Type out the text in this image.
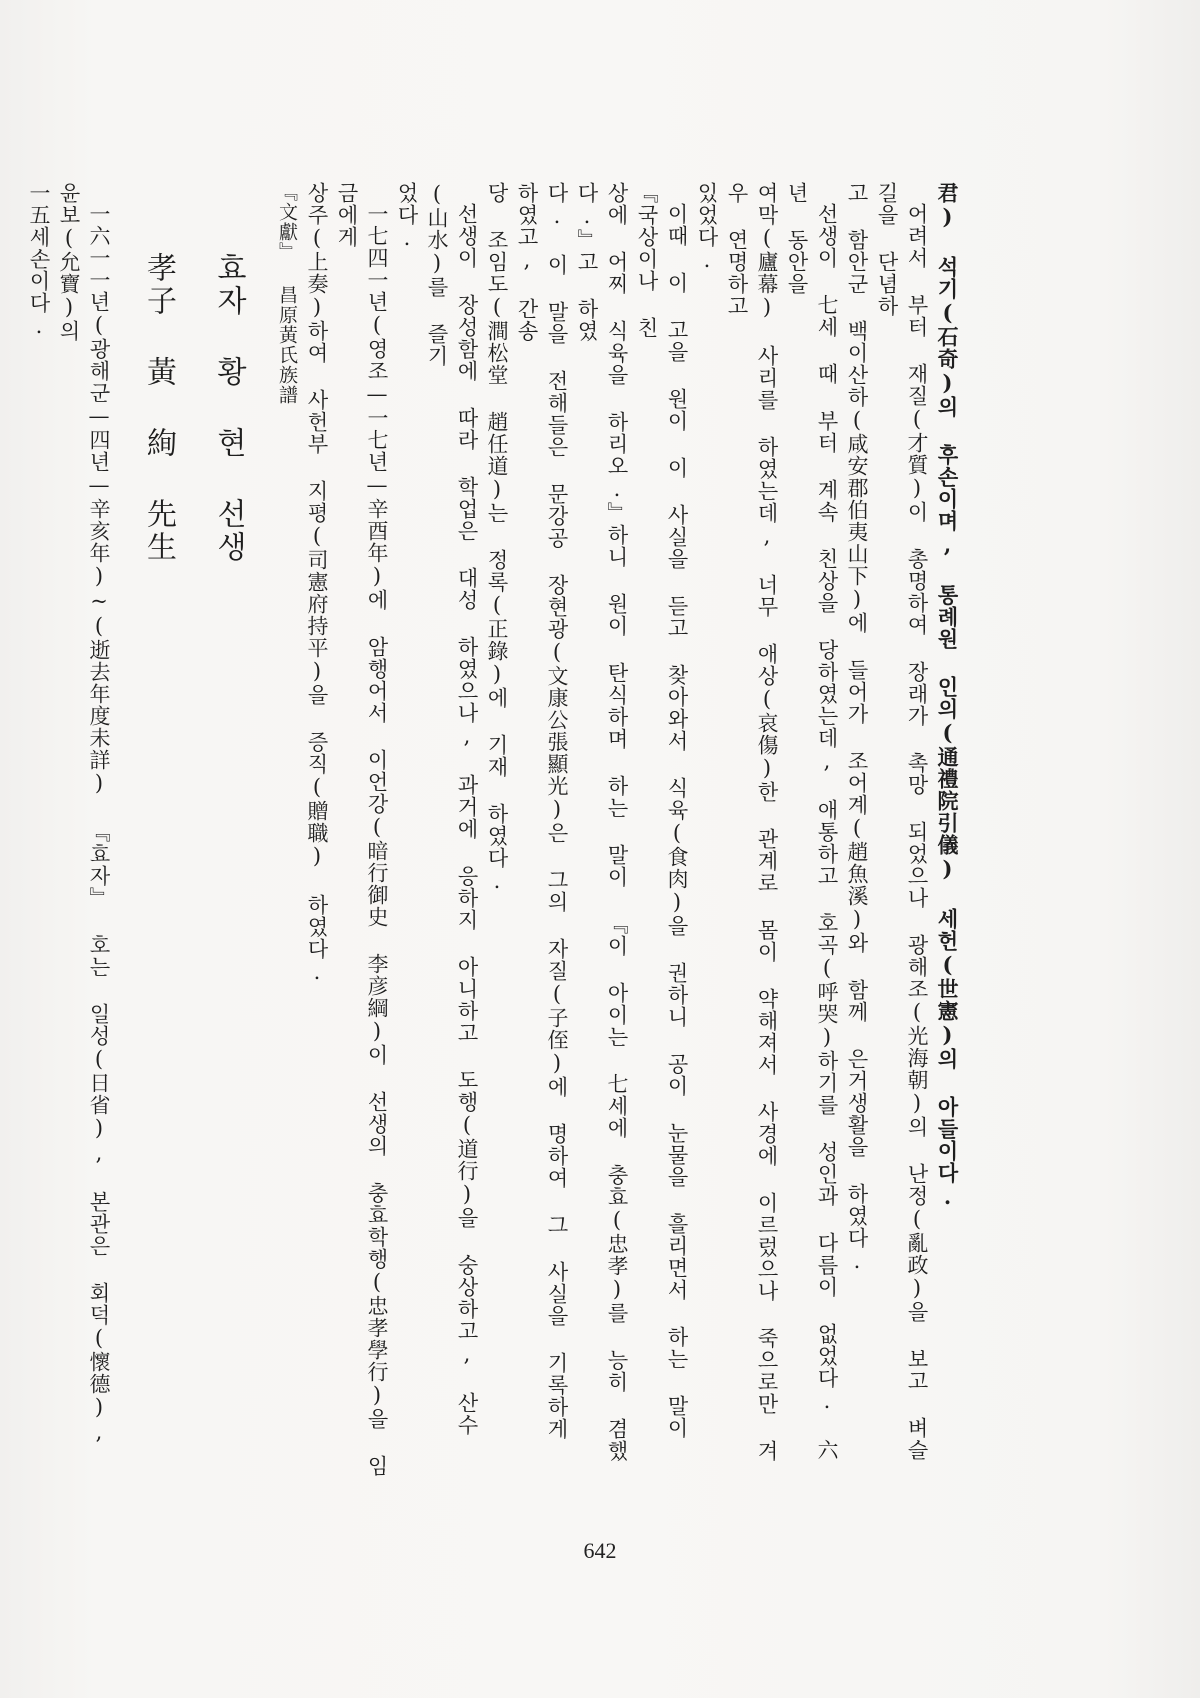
君) 석기(石奇)의 후손이며, 통례원 인의(通禮院引儀) 세헌(世憲)의 아들이다.

어려서 부터 재질(才質)이 총명하여 장래가 촉망 되었으나 광해조(光海朝)의 난정(亂政)을 보고 벼슬길을 단념하

고 함안군 백이산하(咸安郡伯夷山下)에 들어가 조어계(趙魚溪)와 함께 은거생활을 하였다.

선생이 七세 때 부터 계속 친상을 당하였는데, 애통하고 호곡(呼哭)하기를 성인과 다름이 없었다. 六년 동안을

여막(廬幕) 사리를 하였는데, 너무 애상(哀傷)한 관계로 몸이 약해져서 사경에 이르렀으나 죽으로만 겨우 연명하고

있었다.

이때 이 고을 원이 이 사실을 듣고 찾아와서 식육(食肉)을 권하니 공이 눈물을 흘리면서 하는 말이 『국상이나 친

상에 어찌 식육을 하리오.』하니 원이 탄식하며 하는 말이 『이 아이는 七세에 충효(忠孝)를 능히 겸했다.』고 하였

다. 이 말을 전해들은 문강공 장현광(文康公張顯光)은 그의 자질(子侄)에 명하여 그 사실을 기록하게 하였고, 간송

당 조임도(澗松堂 趙任道)는 정록(正錄)에 기재 하였다.

선생이 장성함에 따라 학업은 대성 하였으나, 과거에 응하지 아니하고 도행(道行)을 숭상하고, 산수(山水)를 즐기

었다.

一七四一년(영조—一七년—辛酉年)에 암행어서 이언강(暗行御史 李彦綱)이 선생의 충효학행(忠孝學行)을 임금에게

상주(上奏)하여 사헌부 지평(司憲府持平)을 증직(贈職) 하였다.

『文獻』 昌原黃氏族譜

효자 황 현 선생

孝子 黃 絢 先生

一六一一년(광해군—四년—辛亥年)~(逝去年度未詳) 『효자』 호는 일성(日省), 본관은 회덕(懷德), 윤보(允寶)의

一五세손이다.

642
